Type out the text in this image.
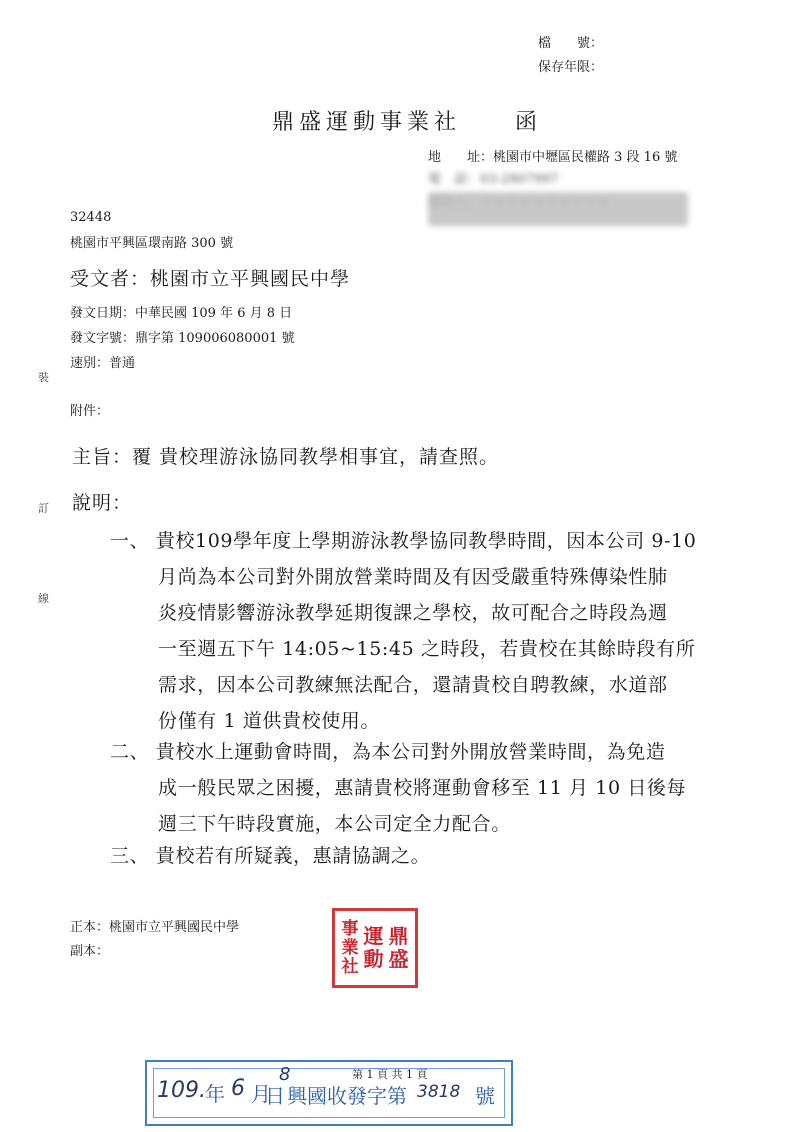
檔　　號：
保存年限：
鼎盛運動事業社　　函
地　　址：桃園市中壢區民權路 3 段 16 號
電　話：03-2807997
聯絡人：＊＊＊＊＊＊＊＊＊＊
32448
桃園市平興區環南路 300 號
受文者：桃園市立平興國民中學
發文日期：中華民國 109 年 6 月 8 日
發文字號：鼎字第 109006080001 號
速別：普通
附件：
裝
訂
線
主旨：覆 貴校理游泳協同教學相事宜，請查照。
說明：
一、 貴校109學年度上學期游泳教學協同教學時間，因本公司 9-10
月尚為本公司對外開放營業時間及有因受嚴重特殊傳染性肺
炎疫情影響游泳教學延期復課之學校，故可配合之時段為週
一至週五下午 14:05~15:45 之時段，若貴校在其餘時段有所
需求，因本公司教練無法配合，還請貴校自聘教練，水道部
份僅有 1 道供貴校使用。
二、 貴校水上運動會時間，為本公司對外開放營業時間，為免造
成一般民眾之困擾，惠請貴校將運動會移至 11 月 10 日後每
週三下午時段實施，本公司定全力配合。
三、 貴校若有所疑義，惠請協調之。
正本：桃園市立平興國民中學
副本：
鼎
盛
運
動
事
業
社
第 1 頁 共 1 頁
109. 年 6 月
8
日 興國收發字第 3818 號
